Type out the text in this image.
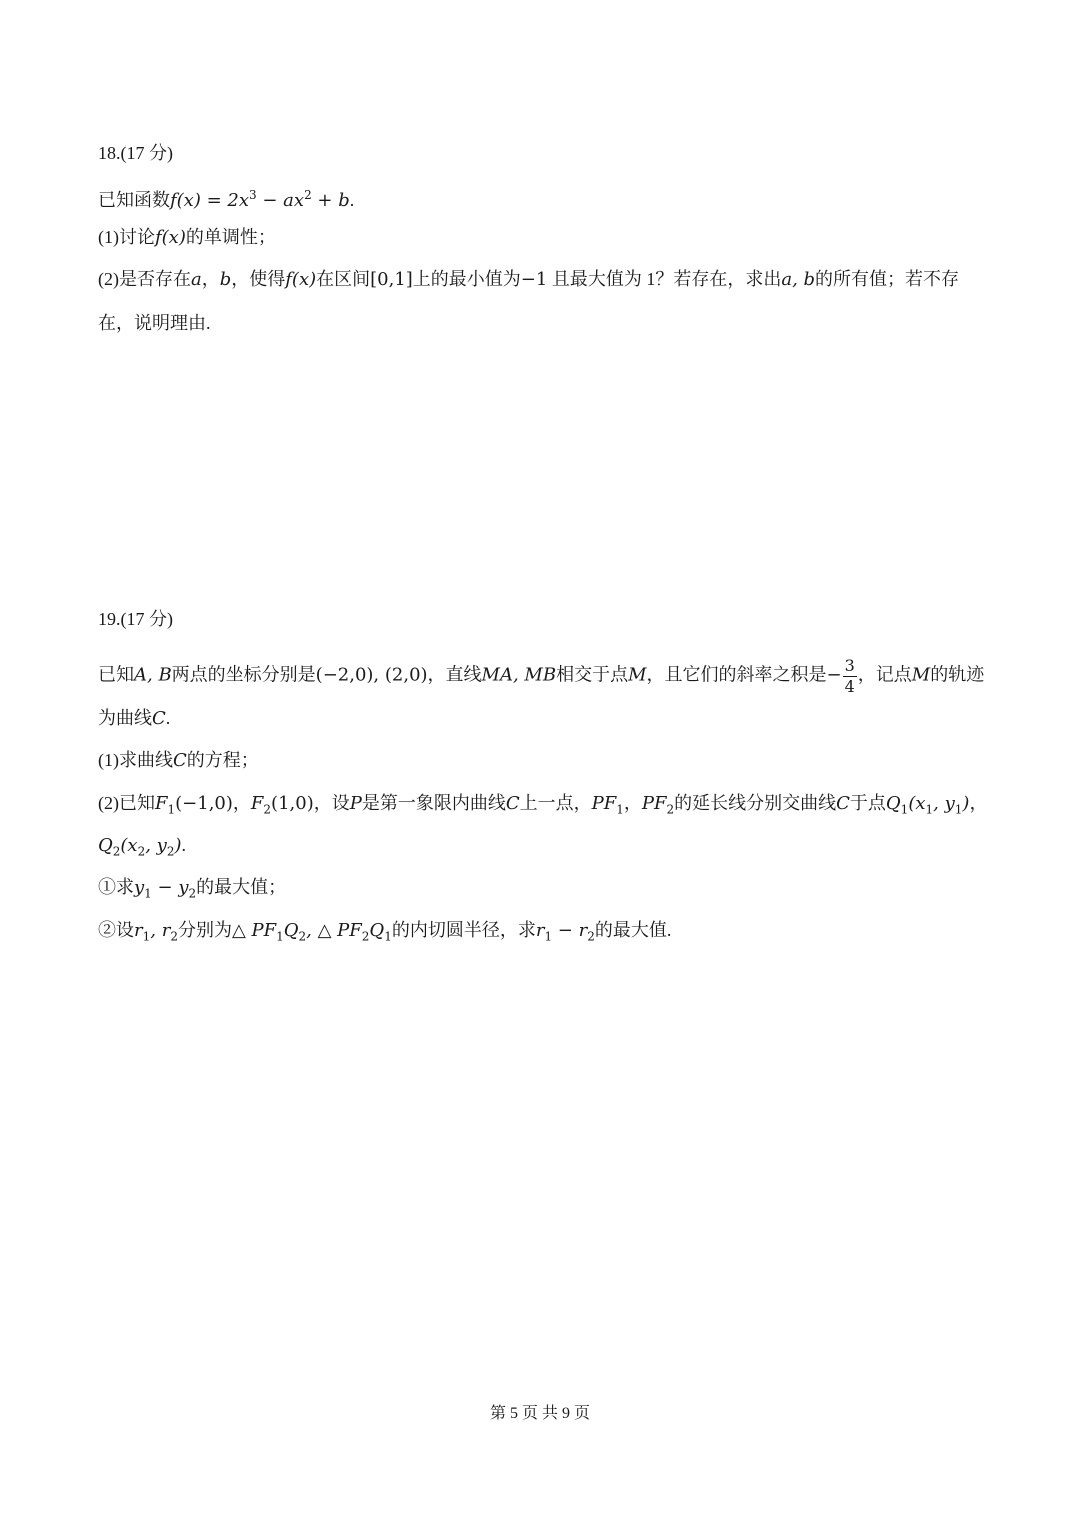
18.(17 分)
已知函数$f(x) = 2x^3 - ax^2 + b$.
(1)讨论f(x)的单调性；
(2)是否存在a，b，使得f(x)在区间[0,1]上的最小值为−1 且最大值为 1？若存在，求出a, b的所有值；若不存
在，说明理由.
19.(17 分)
已知A, B两点的坐标分别是(−2,0), (2,0)，直线MA, MB相交于点M，且它们的斜率之积是− $\frac{3}{4}$ ，记点M的轨迹
为曲线C.
(1)求曲线C的方程；
(2)已知$F_1(-1,0)$，$F_2(1,0)$，设P是第一象限内曲线C上一点，$PF_1$，$PF_2$的延长线分别交曲线C于点$Q_1(x_1$, $y_1$)，
$Q_2(x_2$, $y_2$).
①求$y_1 - y_2$的最大值；
②设$r_1$, $r_2$分别为△ $PF_1Q_2$, △ $PF_2Q_1$的内切圆半径，求$r_1 - r_2$的最大值.
第 5 页 共 9 页
